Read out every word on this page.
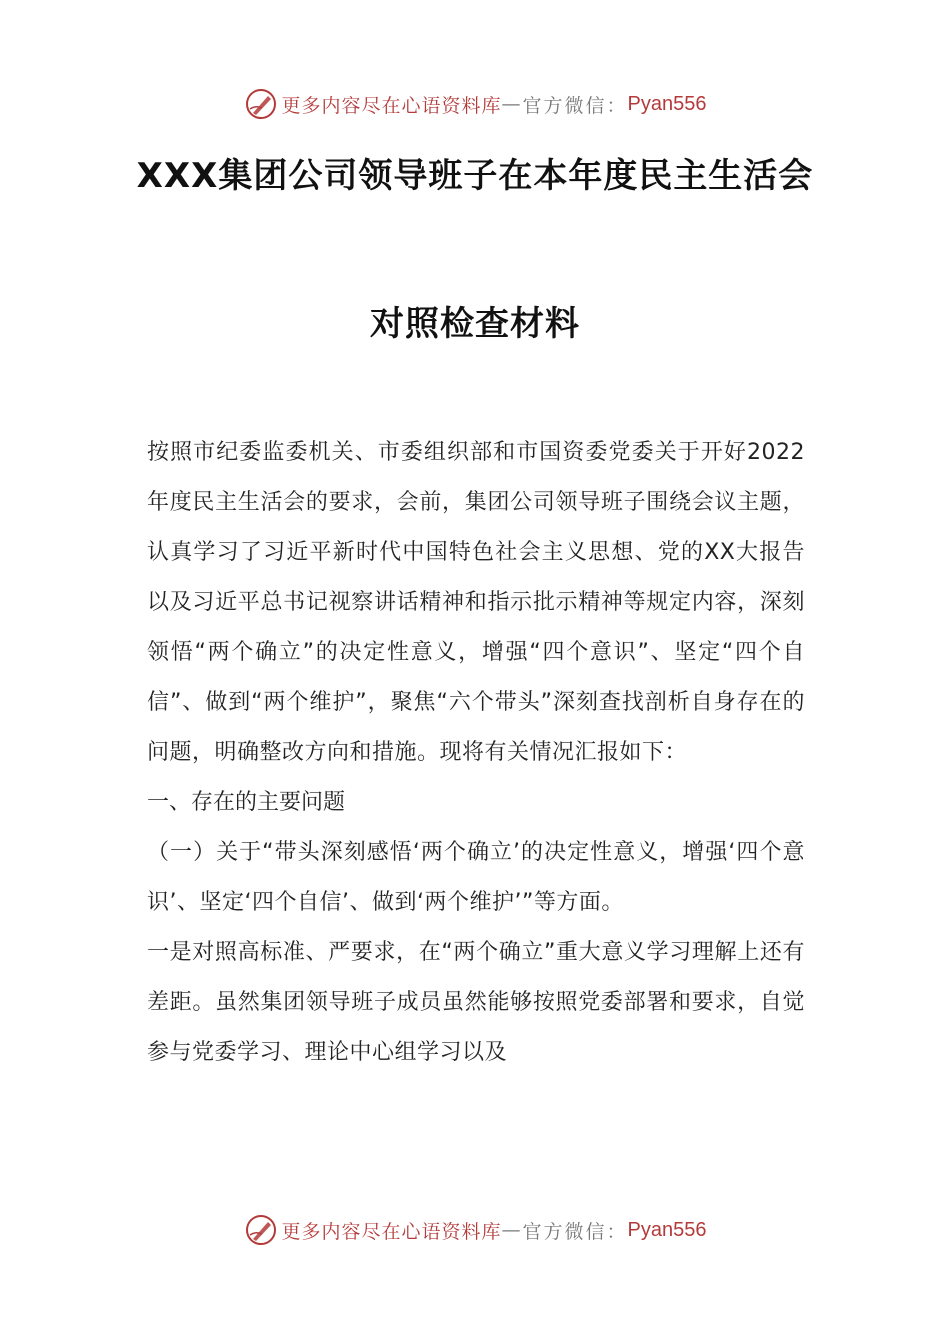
更多内容尽在心语资料库 — 官方微信： Pyan556
XXX集团公司领导班子在本年度民主生活会
对照检查材料

按照市纪委监委机关、市委组织部和市国资委党委关于开好2022年度民主生活会的要求，会前，集团公司领导班子围绕会议主题，认真学习了习近平新时代中国特色社会主义思想、党的XX大报告以及习近平总书记视察讲话精神和指示批示精神等规定内容，深刻领悟“两个确立”的决定性意义，增强“四个意识”、坚定“四个自信”、做到“两个维护”，聚焦“六个带头”深刻查找剖析自身存在的问题，明确整改方向和措施。现将有关情况汇报如下：

一、存在的主要问题

（一）关于“带头深刻感悟‘两个确立’的决定性意义，增强‘四个意识’、坚定‘四个自信’、做到‘两个维护’”等方面。

一是对照高标准、严要求，在“两个确立”重大意义学习理解上还有差距。虽然集团领导班子成员虽然能够按照党委部署和要求，自觉参与党委学习、理论中心组学习以及

更多内容尽在心语资料库 — 官方微信： Pyan556
